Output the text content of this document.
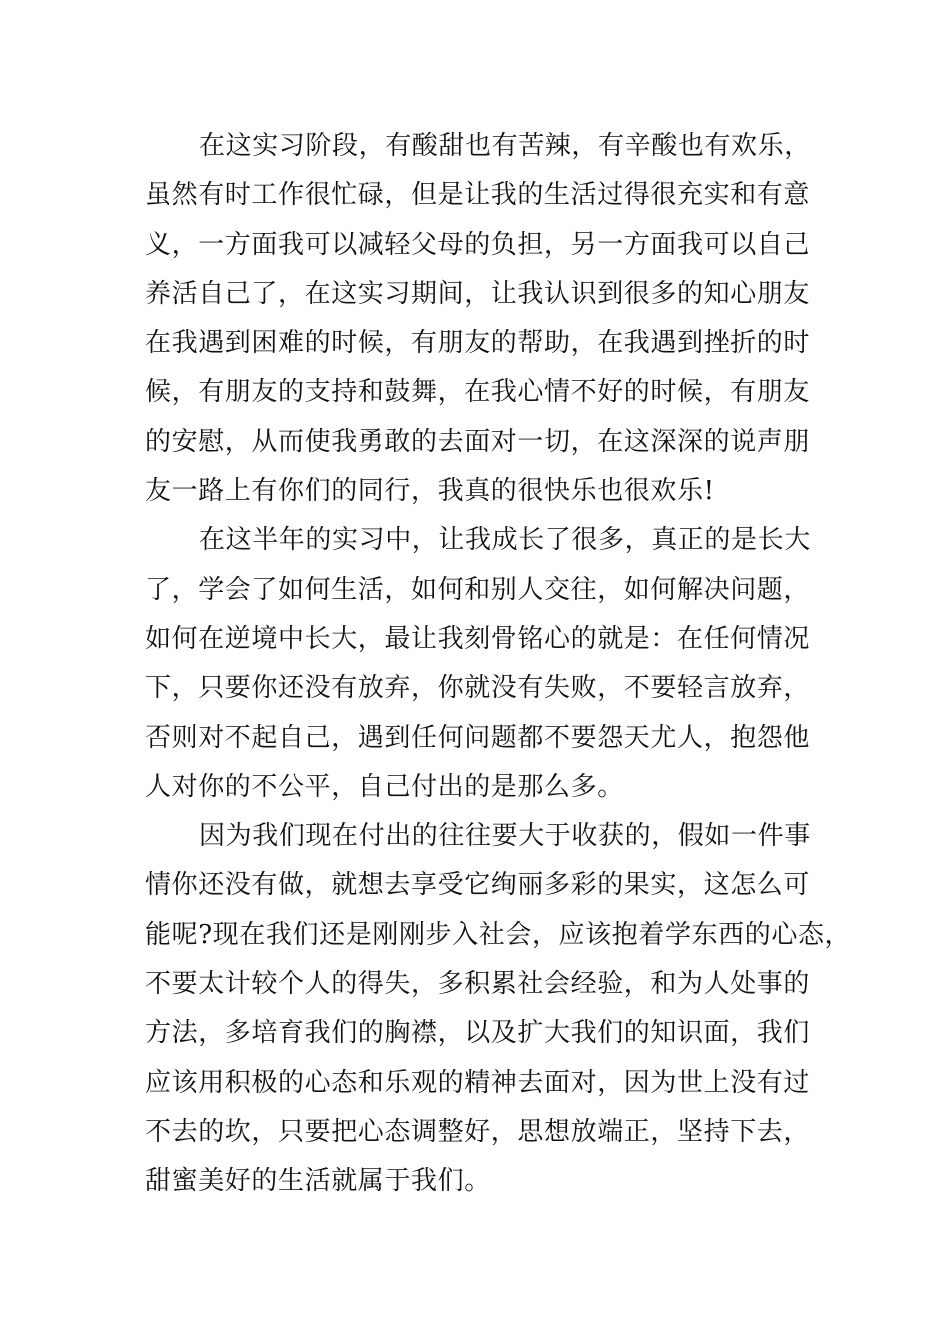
在这实习阶段，有酸甜也有苦辣，有辛酸也有欢乐，
虽然有时工作很忙碌，但是让我的生活过得很充实和有意
义，一方面我可以减轻父母的负担，另一方面我可以自己
养活自己了，在这实习期间，让我认识到很多的知心朋友
在我遇到困难的时候，有朋友的帮助，在我遇到挫折的时
候，有朋友的支持和鼓舞，在我心情不好的时候，有朋友
的安慰，从而使我勇敢的去面对一切，在这深深的说声朋
友一路上有你们的同行，我真的很快乐也很欢乐!
在这半年的实习中，让我成长了很多，真正的是长大
了，学会了如何生活，如何和别人交往，如何解决问题，
如何在逆境中长大，最让我刻骨铭心的就是：在任何情况
下，只要你还没有放弃，你就没有失败，不要轻言放弃，
否则对不起自己，遇到任何问题都不要怨天尤人，抱怨他
人对你的不公平，自己付出的是那么多。
因为我们现在付出的往往要大于收获的，假如一件事
情你还没有做，就想去享受它绚丽多彩的果实，这怎么可
能呢?现在我们还是刚刚步入社会，应该抱着学东西的心态，
不要太计较个人的得失，多积累社会经验，和为人处事的
方法，多培育我们的胸襟，以及扩大我们的知识面，我们
应该用积极的心态和乐观的精神去面对，因为世上没有过
不去的坎，只要把心态调整好，思想放端正，坚持下去，
甜蜜美好的生活就属于我们。
